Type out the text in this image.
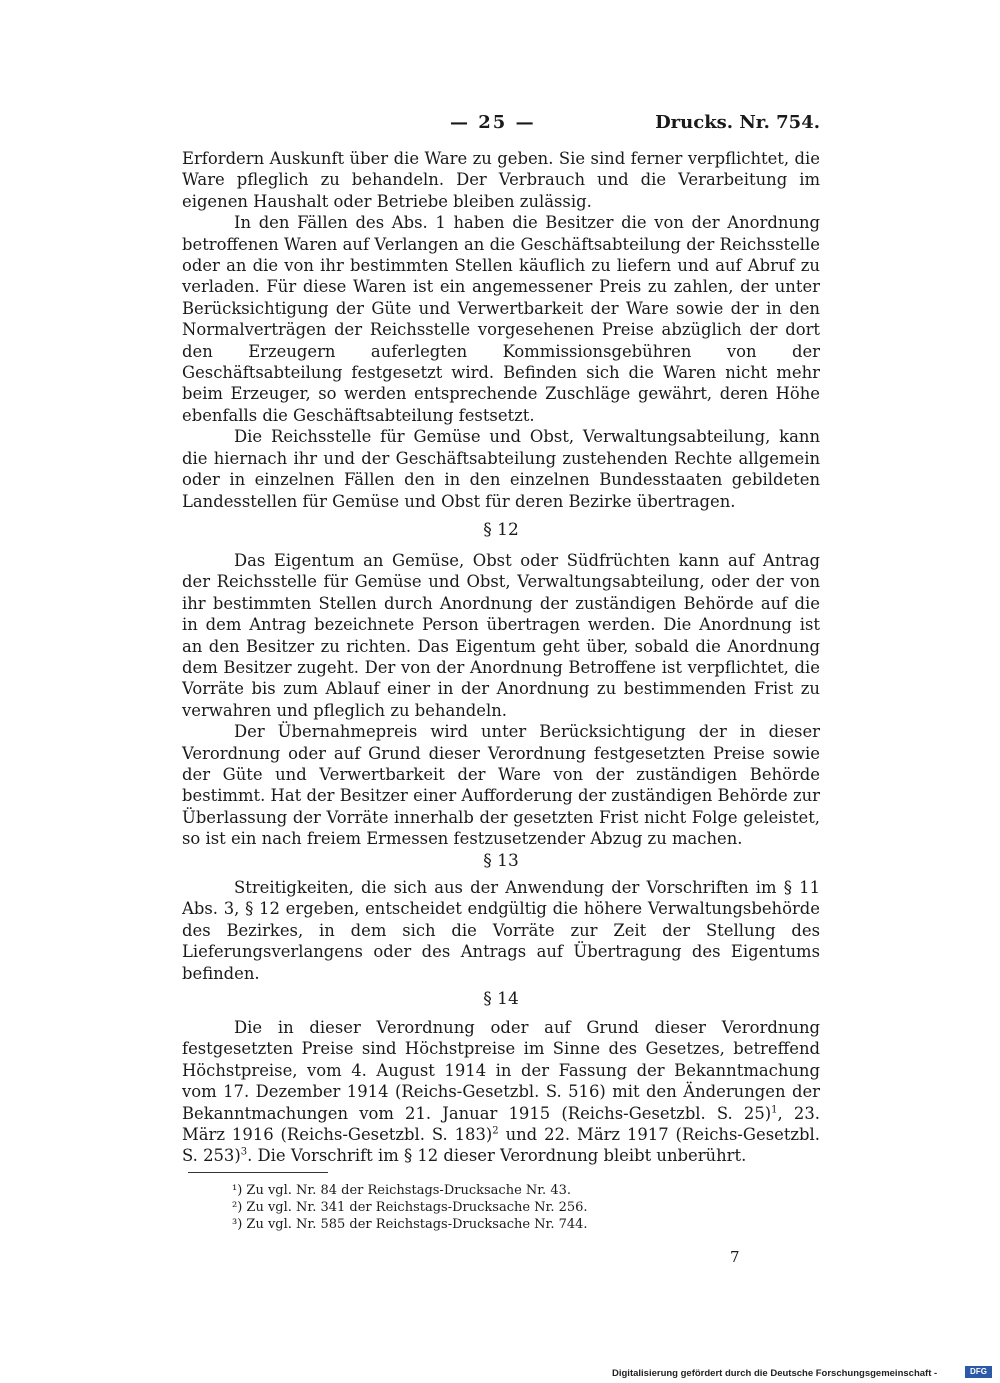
— 25 —	Drucks. Nr. 754.

Erfordern Auskunft über die Ware zu geben. Sie sind ferner verpflichtet, die Ware pfleglich zu behandeln. Der Verbrauch und die Verarbeitung im eigenen Haushalt oder Betriebe bleiben zulässig.

In den Fällen des Abs. 1 haben die Besitzer die von der Anordnung betroffenen Waren auf Verlangen an die Geschäftsabteilung der Reichsstelle oder an die von ihr bestimmten Stellen käuflich zu liefern und auf Abruf zu verladen. Für diese Waren ist ein angemessener Preis zu zahlen, der unter Berücksichtigung der Güte und Verwertbarkeit der Ware sowie der in den Normalverträgen der Reichsstelle vorgesehenen Preise abzüglich der dort den Erzeugern auferlegten Kommissionsgebühren von der Geschäftsabteilung festgesetzt wird. Befinden sich die Waren nicht mehr beim Erzeuger, so werden entsprechende Zuschläge gewährt, deren Höhe ebenfalls die Geschäftsabteilung festsetzt.

Die Reichsstelle für Gemüse und Obst, Verwaltungsabteilung, kann die hiernach ihr und der Geschäftsabteilung zustehenden Rechte allgemein oder in einzelnen Fällen den in den einzelnen Bundesstaaten gebildeten Landesstellen für Gemüse und Obst für deren Bezirke übertragen.

§ 12

Das Eigentum an Gemüse, Obst oder Südfrüchten kann auf Antrag der Reichsstelle für Gemüse und Obst, Verwaltungsabteilung, oder der von ihr bestimmten Stellen durch Anordnung der zuständigen Behörde auf die in dem Antrag bezeichnete Person übertragen werden. Die Anordnung ist an den Besitzer zu richten. Das Eigentum geht über, sobald die Anordnung dem Besitzer zugeht. Der von der Anordnung Betroffene ist verpflichtet, die Vorräte bis zum Ablauf einer in der Anordnung zu bestimmenden Frist zu verwahren und pfleglich zu behandeln.

Der Übernahmepreis wird unter Berücksichtigung der in dieser Verordnung oder auf Grund dieser Verordnung festgesetzten Preise sowie der Güte und Verwertbarkeit der Ware von der zuständigen Behörde bestimmt. Hat der Besitzer einer Aufforderung der zuständigen Behörde zur Überlassung der Vorräte innerhalb der gesetzten Frist nicht Folge geleistet, so ist ein nach freiem Ermessen festzusetzender Abzug zu machen.

§ 13

Streitigkeiten, die sich aus der Anwendung der Vorschriften im § 11 Abs. 3, § 12 ergeben, entscheidet endgültig die höhere Verwaltungsbehörde des Bezirkes, in dem sich die Vorräte zur Zeit der Stellung des Lieferungsverlangens oder des Antrags auf Übertragung des Eigentums befinden.

§ 14

Die in dieser Verordnung oder auf Grund dieser Verordnung festgesetzten Preise sind Höchstpreise im Sinne des Gesetzes, betreffend Höchstpreise, vom 4. August 1914 in der Fassung der Bekanntmachung vom 17. Dezember 1914 (Reichs-Gesetzbl. S. 516) mit den Änderungen der Bekanntmachungen vom 21. Januar 1915 (Reichs-Gesetzbl. S. 25)$^1$, 23. März 1916 (Reichs-Gesetzbl. S. 183)$^2$ und 22. März 1917 (Reichs-Gesetzbl. S. 253)$^3$. Die Vorschrift im § 12 dieser Verordnung bleibt unberührt.

¹) Zu vgl. Nr. 84 der Reichstags-Drucksache Nr. 43.
²) Zu vgl. Nr. 341 der Reichstags-Drucksache Nr. 256.
³) Zu vgl. Nr. 585 der Reichstags-Drucksache Nr. 744.
7
Digitalisierung gefördert durch die Deutsche Forschungsgemeinschaft -	DFG
